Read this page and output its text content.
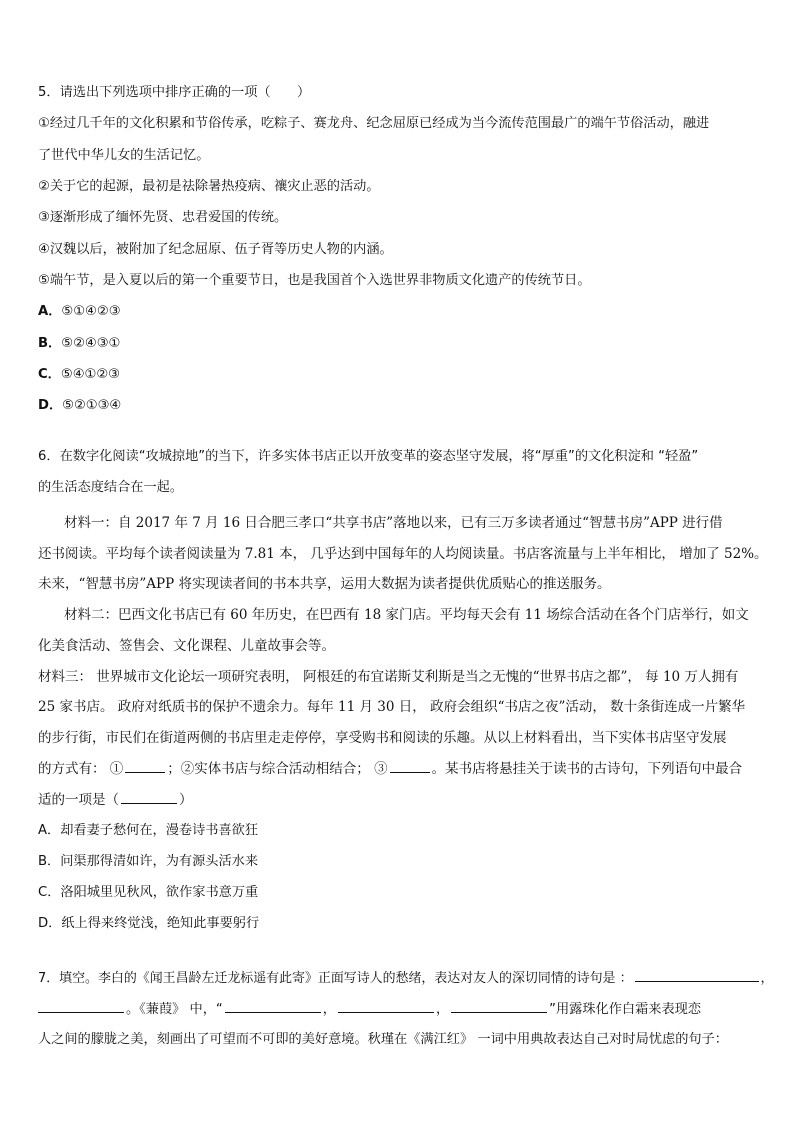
5．请选出下列选项中排序正确的一项（　　）
①经过几千年的文化积累和节俗传承，吃粽子、赛龙舟、纪念屈原已经成为当今流传范围最广的端午节俗活动，融进
了世代中华儿女的生活记忆。
②关于它的起源，最初是祛除暑热疫病、禳灾止恶的活动。
③逐渐形成了缅怀先贤、忠君爱国的传统。
④汉魏以后，被附加了纪念屈原、伍子胥等历史人物的内涵。
⑤端午节，是入夏以后的第一个重要节日，也是我国首个入选世界非物质文化遗产的传统节日。
A．⑤①④②③
B．⑤②④③①
C．⑤④①②③
D．⑤②①③④
6．在数字化阅读“攻城掠地”的当下，许多实体书店正以开放变革的姿态坚守发展，将“厚重”的文化积淀和 “轻盈”
的生活态度结合在一起。
材料一：自 2017 年 7 月 16 日合肥三孝口“共享书店”落地以来，已有三万多读者通过“智慧书房”APP 进行借
还书阅读。平均每个读者阅读量为 7.81 本， 几乎达到中国每年的人均阅读量。书店客流量与上半年相比， 增加了 52%。
未来，“智慧书房”APP 将实现读者间的书本共享，运用大数据为读者提供优质贴心的推送服务。
材料二：巴西文化书店已有 60 年历史，在巴西有 18 家门店。平均每天会有 11 场综合活动在各个门店举行，如文
化美食活动、签售会、文化课程、儿童故事会等。
材料三： 世界城市文化论坛一项研究表明， 阿根廷的布宜诺斯艾利斯是当之无愧的“世界书店之都”， 每 10 万人拥有
25 家书店。 政府对纸质书的保护不遗余力。每年 11 月 30 日， 政府会组织“书店之夜”活动， 数十条街连成一片繁华
的步行街，市民们在街道两侧的书店里走走停停，享受购书和阅读的乐趣。从以上材料看出，当下实体书店坚守发展
的方式有： ①	；②实体书店与综合活动相结合； ③	。某书店将悬挂关于读书的古诗句，下列语句中最合
适的一项是（	）
A．却看妻子愁何在，漫卷诗书喜欲狂
B．问渠那得清如许，为有源头活水来
C．洛阳城里见秋风，欲作家书意万重
D．纸上得来终觉浅，绝知此事要躬行
7．填空。李白的《闻王昌龄左迁龙标遥有此寄》正面写诗人的愁绪，表达对友人的深切同情的诗句是 ：	，
。《蒹葭》 中，“	，	，	”用露珠化作白霜来表现恋
人之间的朦胧之美，刻画出了可望而不可即的美好意境。秋瑾在《满江红》 一词中用典故表达自己对时局忧虑的句子：
